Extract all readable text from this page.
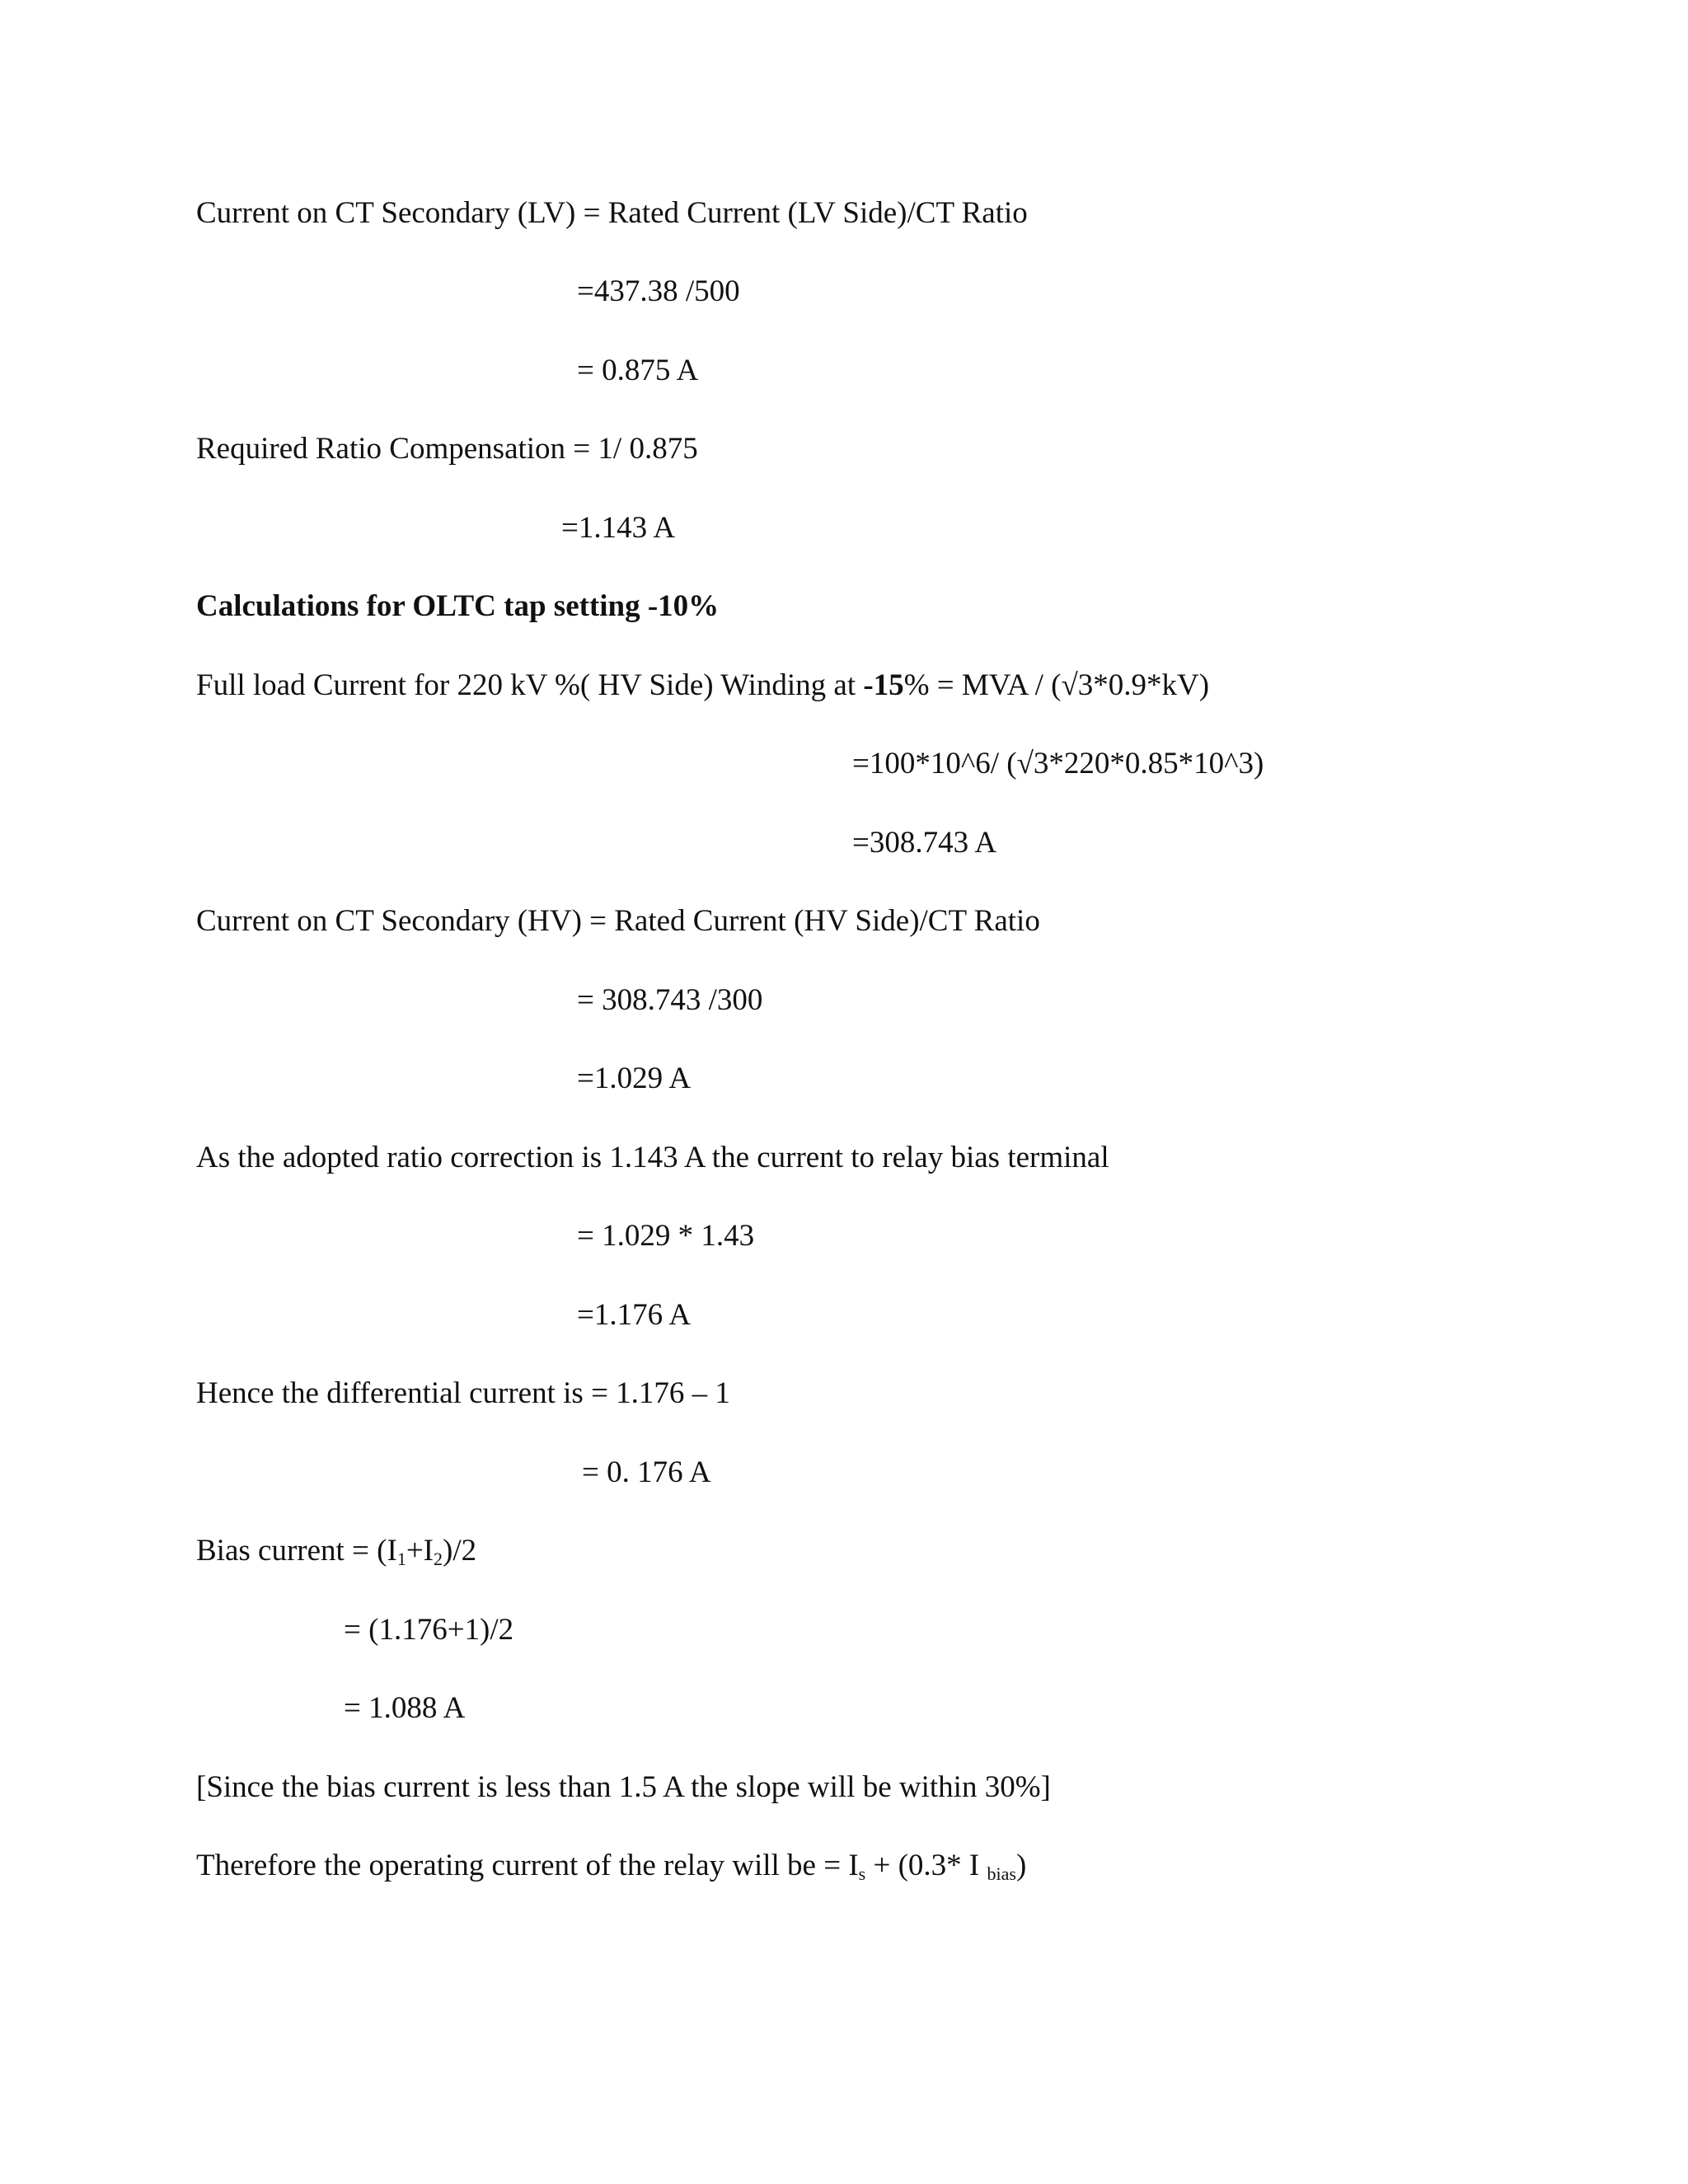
Current on CT Secondary (LV) = Rated Current (LV Side)/CT Ratio
=437.38 /500
= 0.875 A
Required Ratio Compensation = 1/ 0.875
=1.143 A
Calculations for OLTC tap setting -10%
Full load Current for 220 kV %( HV Side) Winding at -15% = MVA / (√3*0.9*kV)
=100*10^6/ (√3*220*0.85*10^3)
=308.743 A
Current on CT Secondary (HV) = Rated Current (HV Side)/CT Ratio
= 308.743 /300
=1.029 A
As the adopted ratio correction is 1.143 A the current to relay bias terminal
= 1.029 * 1.43
=1.176 A
Hence the differential current is = 1.176 – 1
= 0. 176 A
Bias current = $(I_1+I_2)/2$
= (1.176+1)/2
= 1.088 A
[Since the bias current is less than 1.5 A the slope will be within 30%]
Therefore the operating current of the relay will be = $I_s + (0.3*$ I $_{bias}$)
